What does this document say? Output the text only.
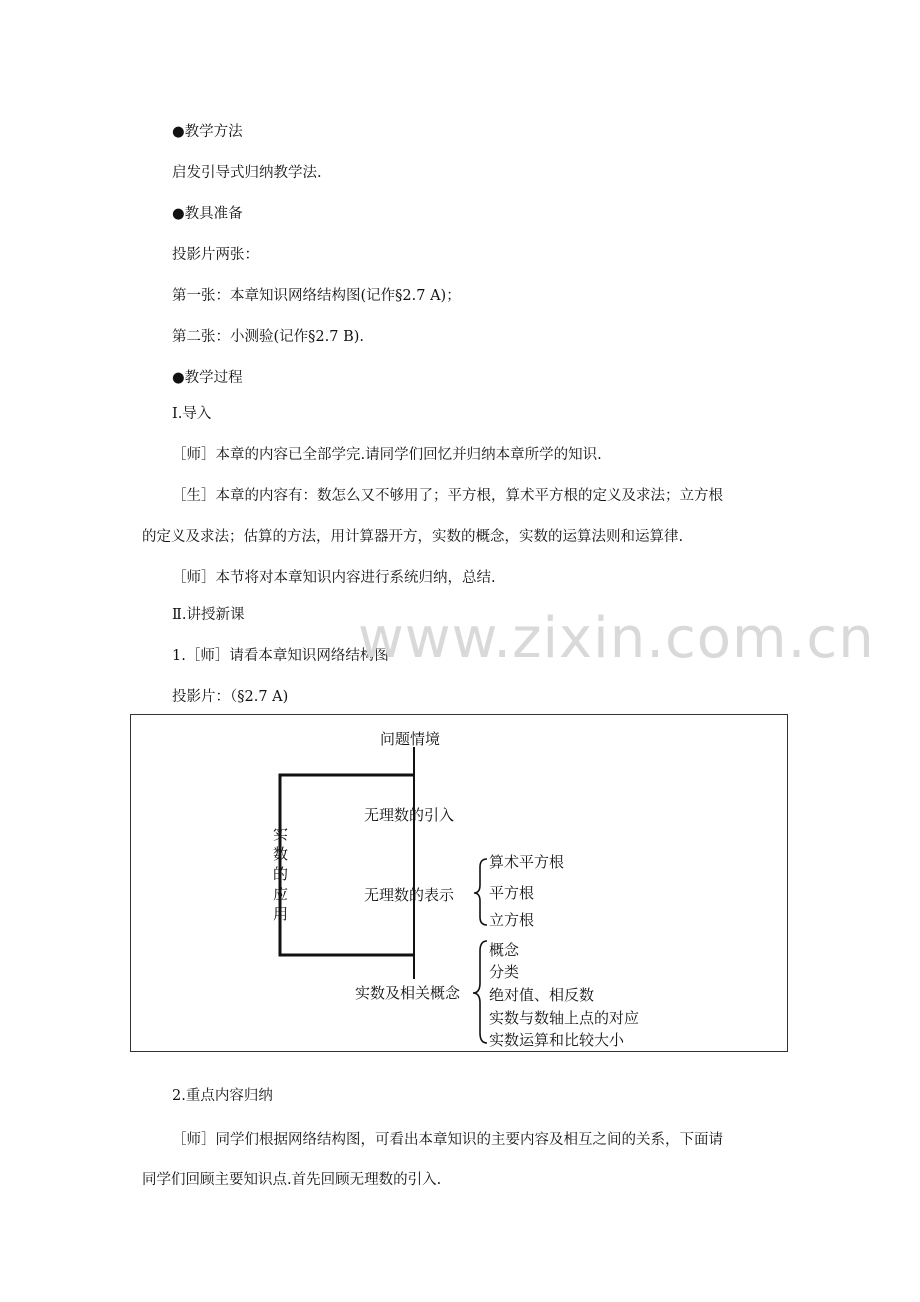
●教学方法
启发引导式归纳教学法.
●教具准备
投影片两张：
第一张：本章知识网络结构图(记作§2.7 A)；
第二张：小测验(记作§2.7 B).
●教学过程
Ⅰ.导入
［师］本章的内容已全部学完.请同学们回忆并归纳本章所学的知识.
［生］本章的内容有：数怎么又不够用了；平方根，算术平方根的定义及求法；立方根
的定义及求法；估算的方法，用计算器开方，实数的概念，实数的运算法则和运算律.
［师］本节将对本章知识内容进行系统归纳，总结.
Ⅱ.讲授新课
1.［师］请看本章知识网络结构图
投影片：（§2.7 A)
www.zixin.com.cn
问题情境
无理数的引入
无理数的表示
实数及相关概念
实
数
的
应
用
算术平方根
平方根
立方根
概念
分类
绝对值、相反数
实数与数轴上点的对应
实数运算和比较大小
2.重点内容归纳
［师］同学们根据网络结构图，可看出本章知识的主要内容及相互之间的关系，下面请
同学们回顾主要知识点.首先回顾无理数的引入.
